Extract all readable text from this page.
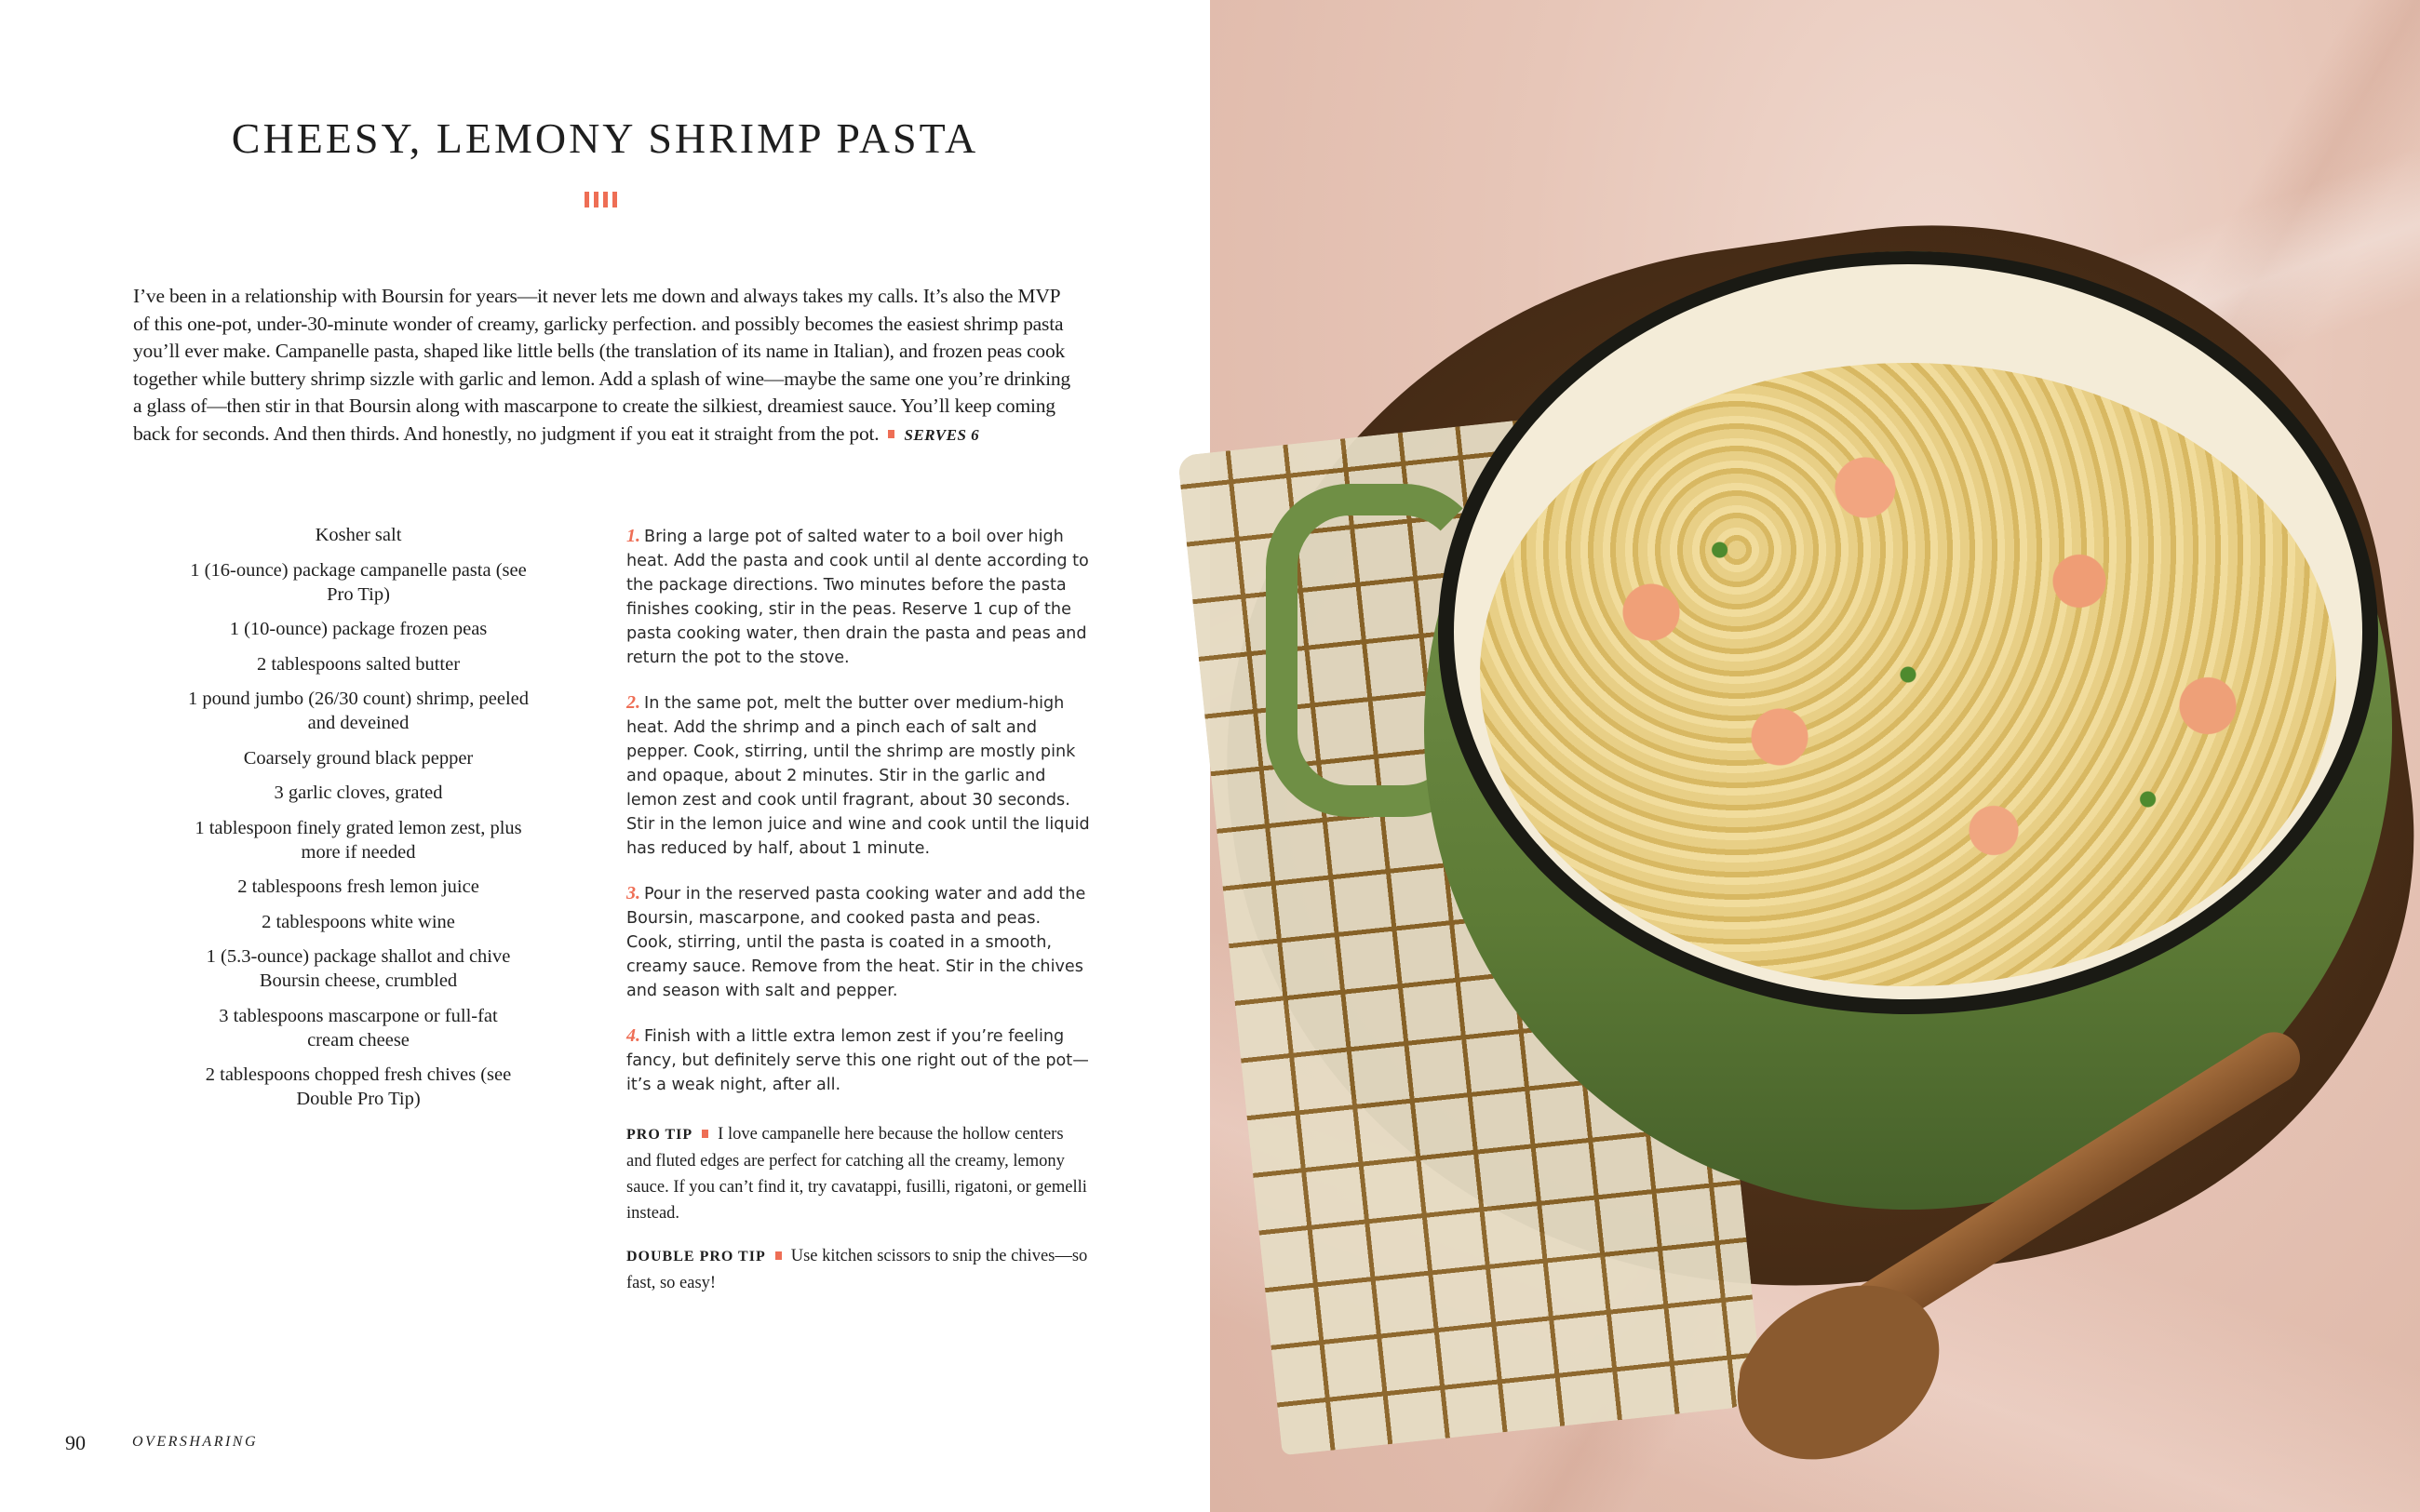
CHEESY, LEMONY SHRIMP PASTA

I’ve been in a relationship with Boursin for years—it never lets me down and always takes my calls. It’s also the MVP of this one-pot, under-30-minute wonder of creamy, garlicky perfection. and possibly becomes the easiest shrimp pasta you’ll ever make. Campanelle pasta, shaped like little bells (the translation of its name in Italian), and frozen peas cook together while buttery shrimp sizzle with garlic and lemon. Add a splash of wine—maybe the same one you’re drinking a glass of—then stir in that Boursin along with mascarpone to create the silkiest, dreamiest sauce. You’ll keep coming back for seconds. And then thirds. And honestly, no judgment if you eat it straight from the pot. SERVES 6

Kosher salt
1 (16-ounce) package campanelle pasta (see Pro Tip)
1 (10-ounce) package frozen peas
2 tablespoons salted butter
1 pound jumbo (26/30 count) shrimp, peeled and deveined
Coarsely ground black pepper
3 garlic cloves, grated
1 tablespoon finely grated lemon zest, plus more if needed
2 tablespoons fresh lemon juice
2 tablespoons white wine
1 (5.3-ounce) package shallot and chive Boursin cheese, crumbled
3 tablespoons mascarpone or full-fat cream cheese
2 tablespoons chopped fresh chives (see Double Pro Tip)

1. Bring a large pot of salted water to a boil over high heat. Add the pasta and cook until al dente according to the package directions. Two minutes before the pasta finishes cooking, stir in the peas. Reserve 1 cup of the pasta cooking water, then drain the pasta and peas and return the pot to the stove.

2. In the same pot, melt the butter over medium-high heat. Add the shrimp and a pinch each of salt and pepper. Cook, stirring, until the shrimp are mostly pink and opaque, about 2 minutes. Stir in the garlic and lemon zest and cook until fragrant, about 30 seconds. Stir in the lemon juice and wine and cook until the liquid has reduced by half, about 1 minute.

3. Pour in the reserved pasta cooking water and add the Boursin, mascarpone, and cooked pasta and peas. Cook, stirring, until the pasta is coated in a smooth, creamy sauce. Remove from the heat. Stir in the chives and season with salt and pepper.

4. Finish with a little extra lemon zest if you’re feeling fancy, but definitely serve this one right out of the pot—it’s a weak night, after all.

PRO TIP I love campanelle here because the hollow centers and fluted edges are perfect for catching all the creamy, lemony sauce. If you can’t find it, try cavatappi, fusilli, rigatoni, or gemelli instead.

DOUBLE PRO TIP Use kitchen scissors to snip the chives—so fast, so easy!

90	OVERSHARING
